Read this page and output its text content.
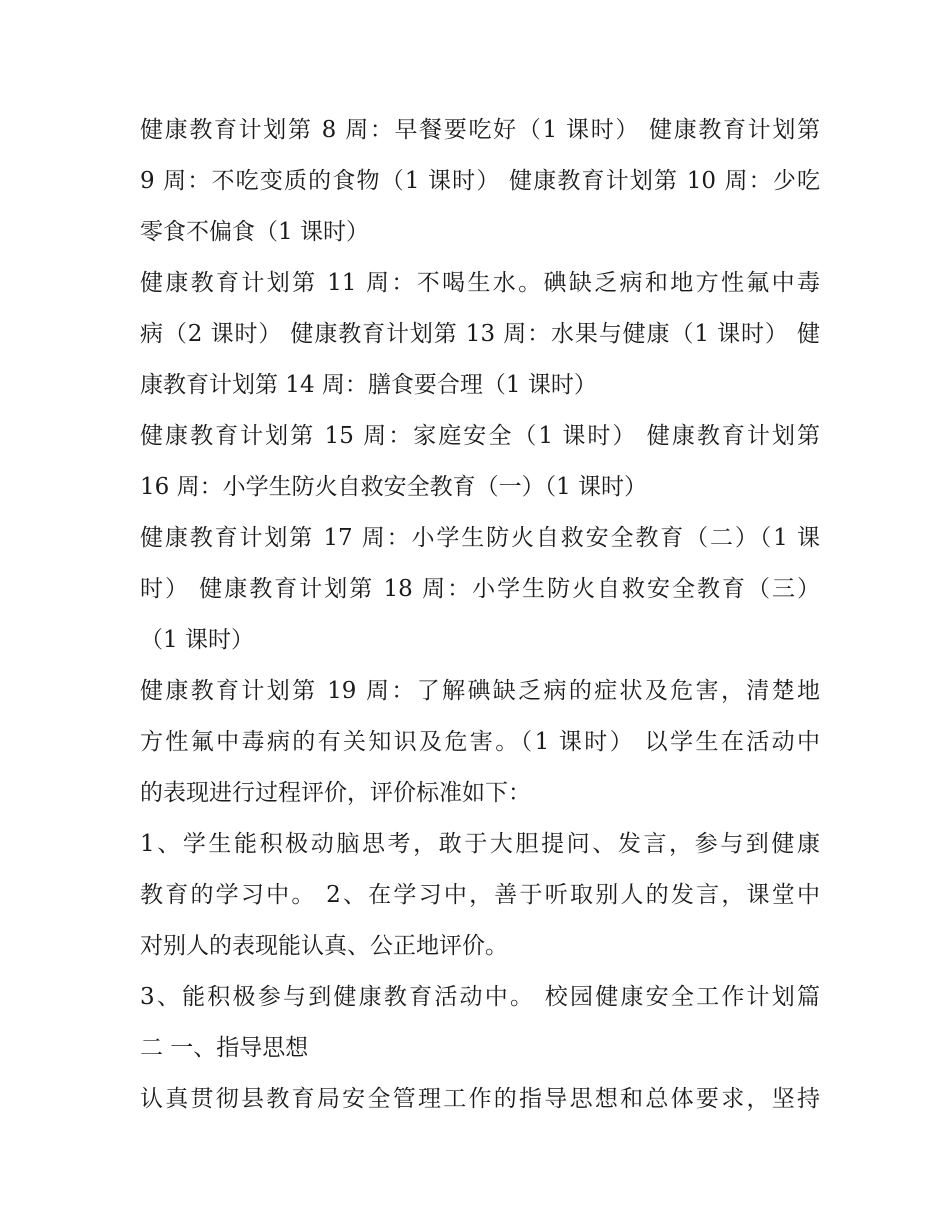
健康教育计划第 8 周：早餐要吃好（1 课时） 健康教育计划第
9 周：不吃变质的食物（1 课时） 健康教育计划第 10 周：少吃
零食不偏食（1 课时）
健康教育计划第 11 周：不喝生水。碘缺乏病和地方性氟中毒
病（2 课时） 健康教育计划第 13 周：水果与健康（1 课时） 健
康教育计划第 14 周：膳食要合理（1 课时）
健康教育计划第 15 周：家庭安全（1 课时） 健康教育计划第
16 周：小学生防火自救安全教育（一）（1 课时）
健康教育计划第 17 周：小学生防火自救安全教育（二）（1 课
时） 健康教育计划第 18 周：小学生防火自救安全教育（三）
（1 课时）
健康教育计划第 19 周：了解碘缺乏病的症状及危害，清楚地
方性氟中毒病的有关知识及危害。（1 课时） 以学生在活动中
的表现进行过程评价，评价标准如下：
1、学生能积极动脑思考，敢于大胆提问、发言，参与到健康
教育的学习中。 2、在学习中，善于听取别人的发言，课堂中
对别人的表现能认真、公正地评价。
3、能积极参与到健康教育活动中。 校园健康安全工作计划篇
二 一、指导思想
认真贯彻县教育局安全管理工作的指导思想和总体要求，坚持
